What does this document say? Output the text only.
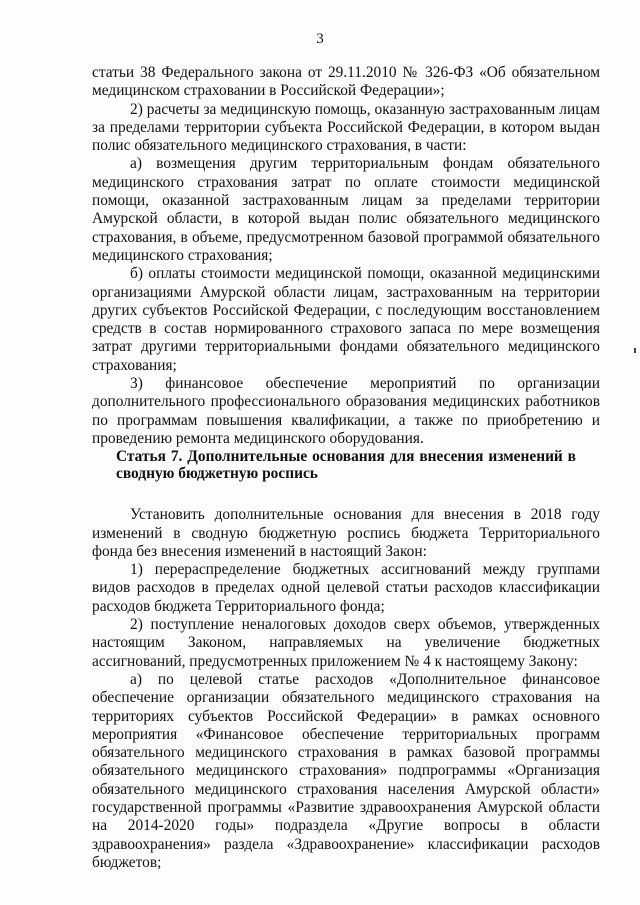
3

статьи 38 Федерального закона от 29.11.2010 № 326-ФЗ «Об обязательном медицинском страховании в Российской Федерации»;

2) расчеты за медицинскую помощь, оказанную застрахованным лицам за пределами территории субъекта Российской Федерации, в котором выдан полис обязательного медицинского страхования, в части:

а) возмещения другим территориальным фондам обязательного медицинского страхования затрат по оплате стоимости медицинской помощи, оказанной застрахованным лицам за пределами территории Амурской области, в которой выдан полис обязательного медицинского страхования, в объеме, предусмотренном базовой программой обязательного медицинского страхования;

б) оплаты стоимости медицинской помощи, оказанной медицинскими организациями Амурской области лицам, застрахованным на территории других субъектов Российской Федерации, с последующим восстановлением средств в состав нормированного страхового запаса по мере возмещения затрат другими территориальными фондами обязательного медицинского страхования;

3) финансовое обеспечение мероприятий по организации дополнительного профессионального образования медицинских работников по программам повышения квалификации, а также по приобретению и проведению ремонта медицинского оборудования.

Статья 7. Дополнительные основания для внесения изменений в сводную бюджетную роспись

Установить дополнительные основания для внесения в 2018 году изменений в сводную бюджетную роспись бюджета Территориального фонда без внесения изменений в настоящий Закон:

1) перераспределение бюджетных ассигнований между группами видов расходов в пределах одной целевой статьи расходов классификации расходов бюджета Территориального фонда;

2) поступление неналоговых доходов сверх объемов, утвержденных настоящим Законом, направляемых на увеличение бюджетных ассигнований, предусмотренных приложением № 4 к настоящему Закону:

а) по целевой статье расходов «Дополнительное финансовое обеспечение организации обязательного медицинского страхования на территориях субъектов Российской Федерации» в рамках основного мероприятия «Финансовое обеспечение территориальных программ обязательного медицинского страхования в рамках базовой программы обязательного медицинского страхования» подпрограммы «Организация обязательного медицинского страхования населения Амурской области» государственной программы «Развитие здравоохранения Амурской области на 2014-2020 годы» подраздела «Другие вопросы в области здравоохранения» раздела «Здравоохранение» классификации расходов бюджетов;
